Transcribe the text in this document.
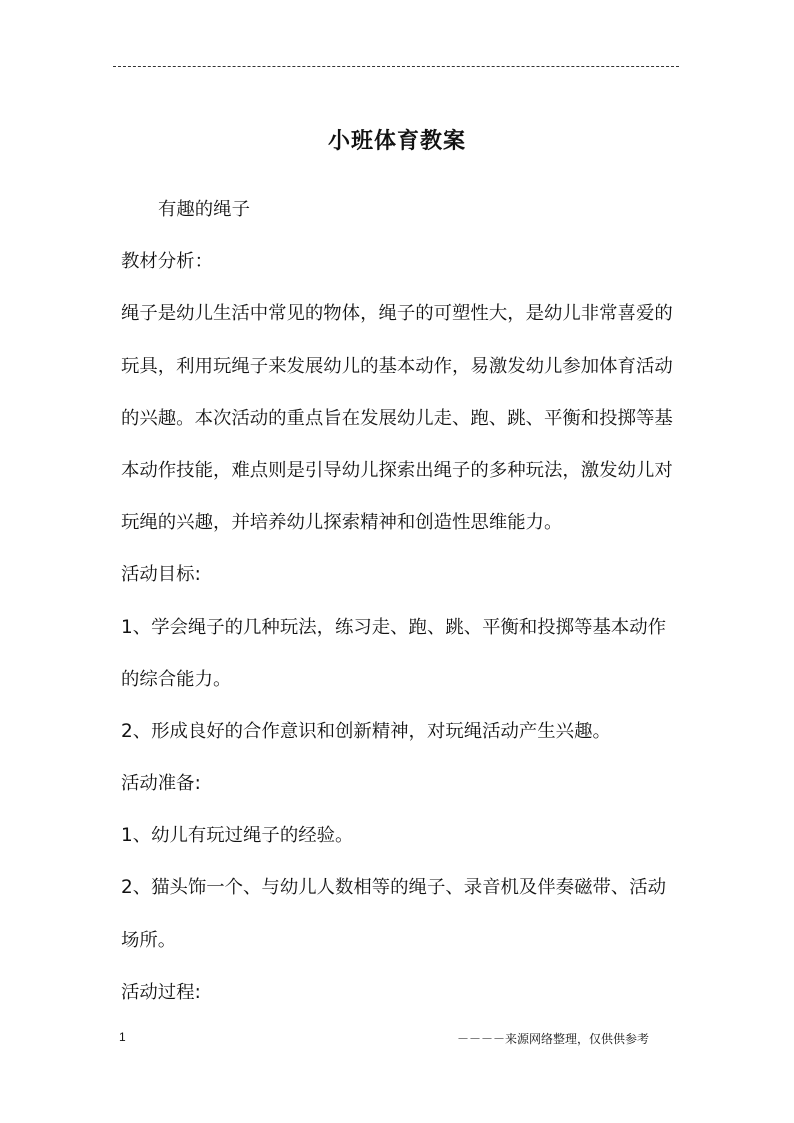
小班体育教案
有趣的绳子
教材分析：
绳子是幼儿生活中常见的物体，绳子的可塑性大，是幼儿非常喜爱的
玩具，利用玩绳子来发展幼儿的基本动作，易激发幼儿参加体育活动
的兴趣。本次活动的重点旨在发展幼儿走、跑、跳、平衡和投掷等基
本动作技能，难点则是引导幼儿探索出绳子的多种玩法，激发幼儿对
玩绳的兴趣，并培养幼儿探索精神和创造性思维能力。
活动目标:
1、学会绳子的几种玩法，练习走、跑、跳、平衡和投掷等基本动作
的综合能力。
2、形成良好的合作意识和创新精神，对玩绳活动产生兴趣。
活动准备:
1、幼儿有玩过绳子的经验。
2、猫头饰一个、与幼儿人数相等的绳子、录音机及伴奏磁带、活动
场所。
活动过程:
1	－－－－来源网络整理，仅供供参考
